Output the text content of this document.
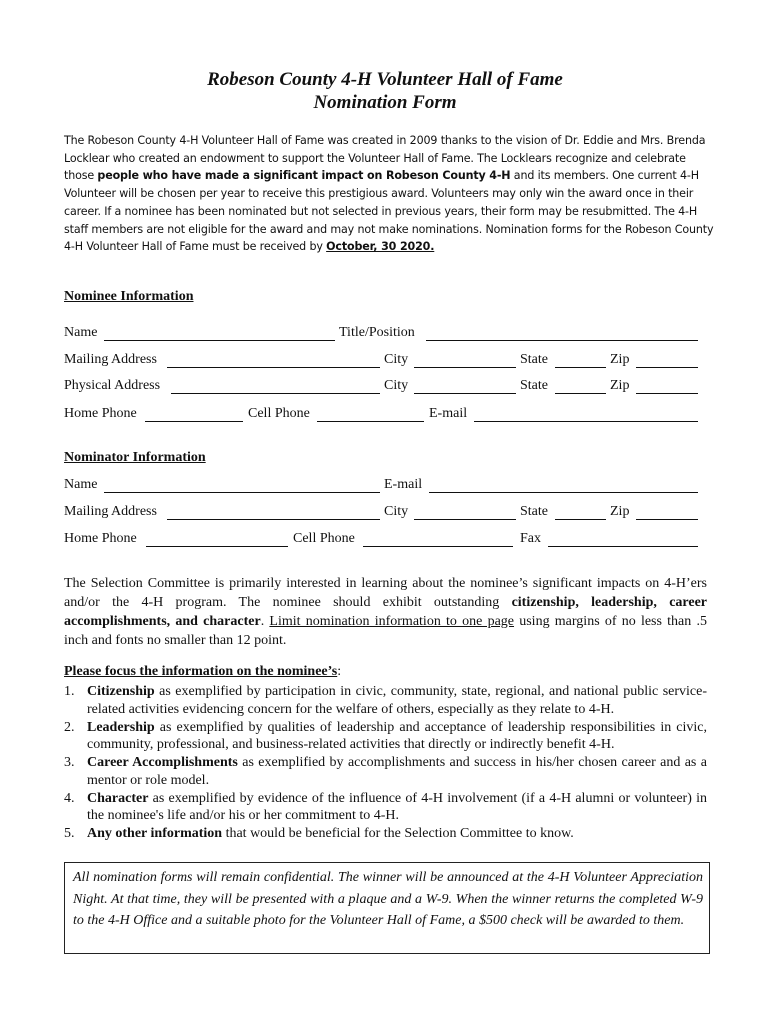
Robeson County 4-H Volunteer Hall of Fame
Nomination Form
The Robeson County 4-H Volunteer Hall of Fame was created in 2009 thanks to the vision of Dr. Eddie and Mrs. Brenda Locklear who created an endowment to support the Volunteer Hall of Fame. The Locklears recognize and celebrate those people who have made a significant impact on Robeson County 4-H and its members. One current 4-H Volunteer will be chosen per year to receive this prestigious award. Volunteers may only win the award once in their career. If a nominee has been nominated but not selected in previous years, their form may be resubmitted. The 4-H staff members are not eligible for the award and may not make nominations. Nomination forms for the Robeson County 4-H Volunteer Hall of Fame must be received by October, 30 2020.
Nominee Information
Name	Title/Position
Mailing Address	City	State	Zip
Physical Address	City	State	Zip
Home Phone	Cell Phone	E-mail
Nominator Information
Name	E-mail
Mailing Address	City	State	Zip
Home Phone	Cell Phone	Fax
The Selection Committee is primarily interested in learning about the nominee’s significant impacts on 4-H’ers and/or the 4-H program. The nominee should exhibit outstanding citizenship, leadership, career accomplishments, and character. Limit nomination information to one page using margins of no less than .5 inch and fonts no smaller than 12 point.
Please focus the information on the nominee’s:
1. Citizenship as exemplified by participation in civic, community, state, regional, and national public service-related activities evidencing concern for the welfare of others, especially as they relate to 4-H.
2. Leadership as exemplified by qualities of leadership and acceptance of leadership responsibilities in civic, community, professional, and business-related activities that directly or indirectly benefit 4-H.
3. Career Accomplishments as exemplified by accomplishments and success in his/her chosen career and as a mentor or role model.
4. Character as exemplified by evidence of the influence of 4-H involvement (if a 4-H alumni or volunteer) in the nominee's life and/or his or her commitment to 4-H.
5. Any other information that would be beneficial for the Selection Committee to know.
All nomination forms will remain confidential. The winner will be announced at the 4-H Volunteer Appreciation Night. At that time, they will be presented with a plaque and a W-9. When the winner returns the completed W-9 to the 4-H Office and a suitable photo for the Volunteer Hall of Fame, a $500 check will be awarded to them.
